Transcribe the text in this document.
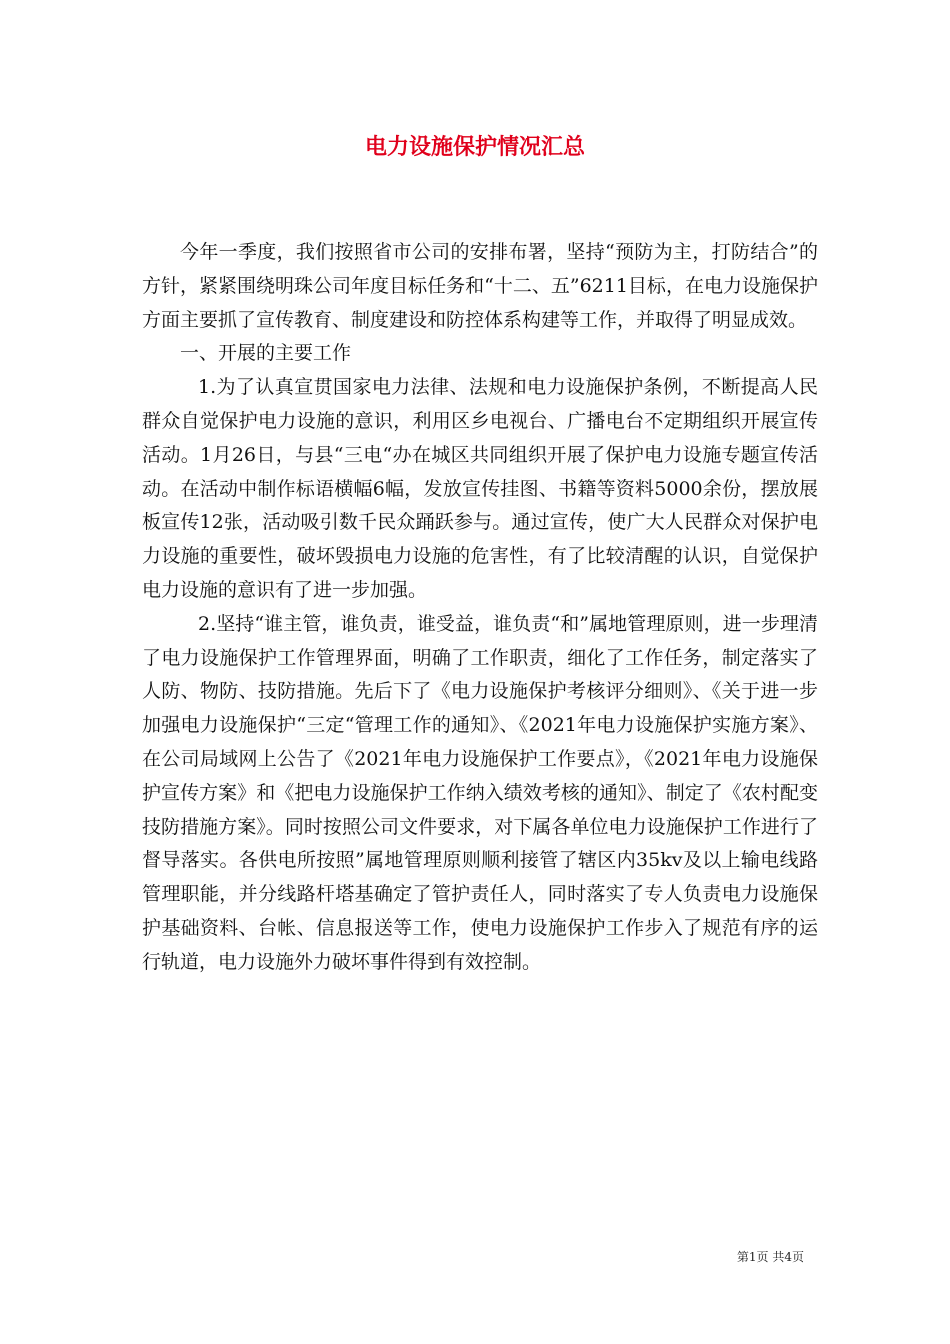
电力设施保护情况汇总

今年一季度，我们按照省市公司的安排布署，坚持“预防为主，打防结合”的方针，紧紧围绕明珠公司年度目标任务和“十二、五”6211目标，在电力设施保护方面主要抓了宣传教育、制度建设和防控体系构建等工作，并取得了明显成效。

一、开展的主要工作

1.为了认真宣贯国家电力法律、法规和电力设施保护条例，不断提高人民群众自觉保护电力设施的意识，利用区乡电视台、广播电台不定期组织开展宣传活动。1月26日，与县“三电“办在城区共同组织开展了保护电力设施专题宣传活动。在活动中制作标语横幅6幅，发放宣传挂图、书籍等资料5000余份，摆放展板宣传12张，活动吸引数千民众踊跃参与。通过宣传，使广大人民群众对保护电力设施的重要性，破坏毁损电力设施的危害性，有了比较清醒的认识，自觉保护电力设施的意识有了进一步加强。

2.坚持“谁主管，谁负责，谁受益，谁负责“和”属地管理原则，进一步理清了电力设施保护工作管理界面，明确了工作职责，细化了工作任务，制定落实了人防、物防、技防措施。先后下了《电力设施保护考核评分细则》、《关于进一步加强电力设施保护“三定“管理工作的通知》、《2021年电力设施保护实施方案》、在公司局域网上公告了《2021年电力设施保护工作要点》，《2021年电力设施保护宣传方案》和《把电力设施保护工作纳入绩效考核的通知》、制定了《农村配变技防措施方案》。同时按照公司文件要求，对下属各单位电力设施保护工作进行了督导落实。各供电所按照”属地管理原则顺利接管了辖区内35kv及以上输电线路管理职能，并分线路杆塔基确定了管护责任人，同时落实了专人负责电力设施保护基础资料、台帐、信息报送等工作，使电力设施保护工作步入了规范有序的运行轨道，电力设施外力破坏事件得到有效控制。

第1页 共4页
